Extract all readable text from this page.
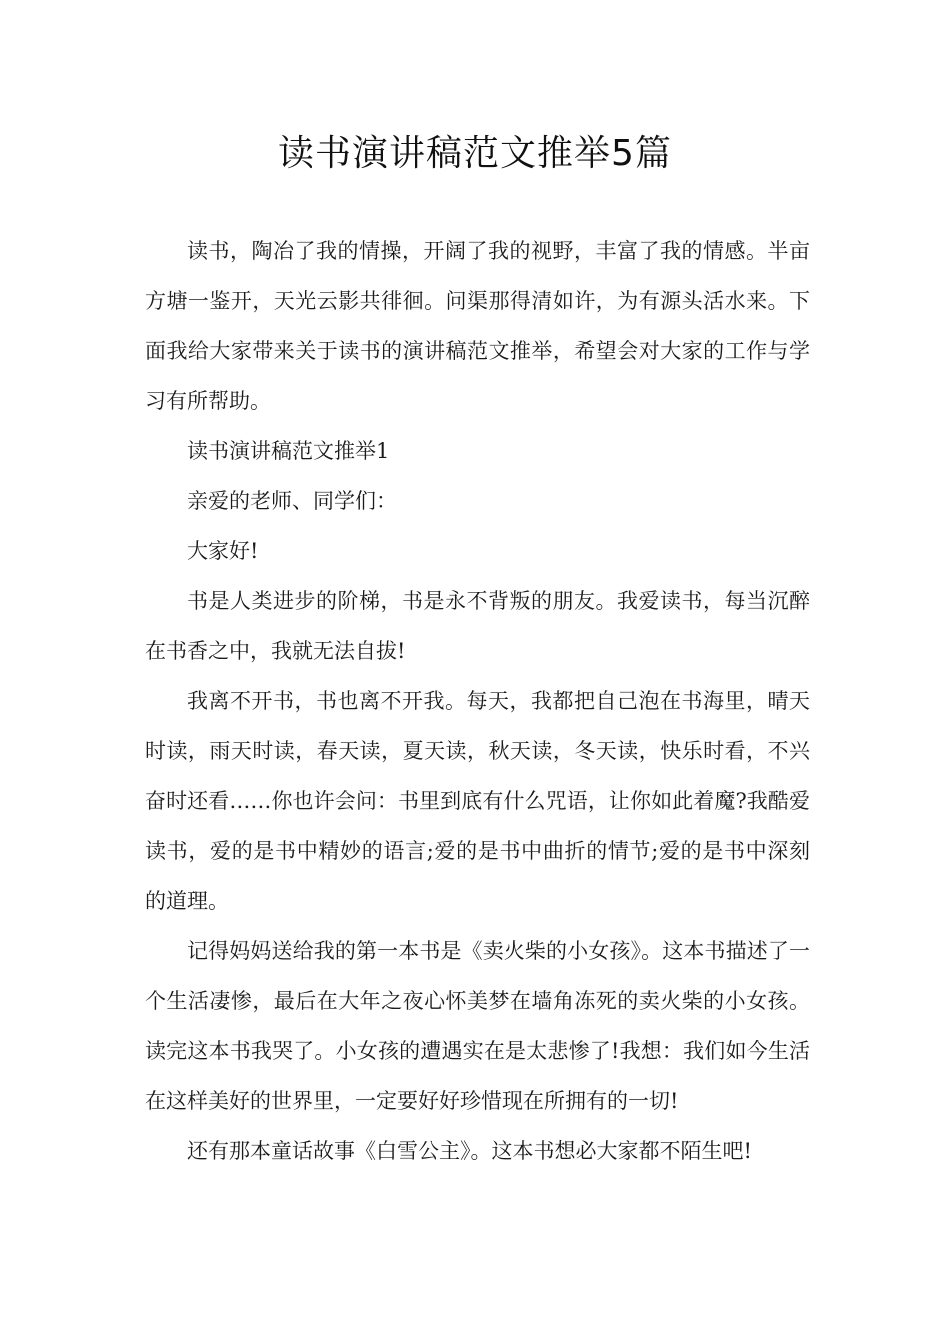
读书演讲稿范文推举5篇

读书，陶冶了我的情操，开阔了我的视野，丰富了我的情感。半亩方塘一鉴开，天光云影共徘徊。问渠那得清如许，为有源头活水来。下面我给大家带来关于读书的演讲稿范文推举，希望会对大家的工作与学习有所帮助。

读书演讲稿范文推举1

亲爱的老师、同学们：

大家好!

书是人类进步的阶梯，书是永不背叛的朋友。我爱读书，每当沉醉在书香之中，我就无法自拔!

我离不开书，书也离不开我。每天，我都把自己泡在书海里，晴天时读，雨天时读，春天读，夏天读，秋天读，冬天读，快乐时看，不兴奋时还看……你也许会问：书里到底有什么咒语，让你如此着魔?我酷爱读书，爱的是书中精妙的语言;爱的是书中曲折的情节;爱的是书中深刻的道理。

记得妈妈送给我的第一本书是《卖火柴的小女孩》。这本书描述了一个生活凄惨，最后在大年之夜心怀美梦在墙角冻死的卖火柴的小女孩。读完这本书我哭了。小女孩的遭遇实在是太悲惨了!我想：我们如今生活在这样美好的世界里，一定要好好珍惜现在所拥有的一切!

还有那本童话故事《白雪公主》。这本书想必大家都不陌生吧!
